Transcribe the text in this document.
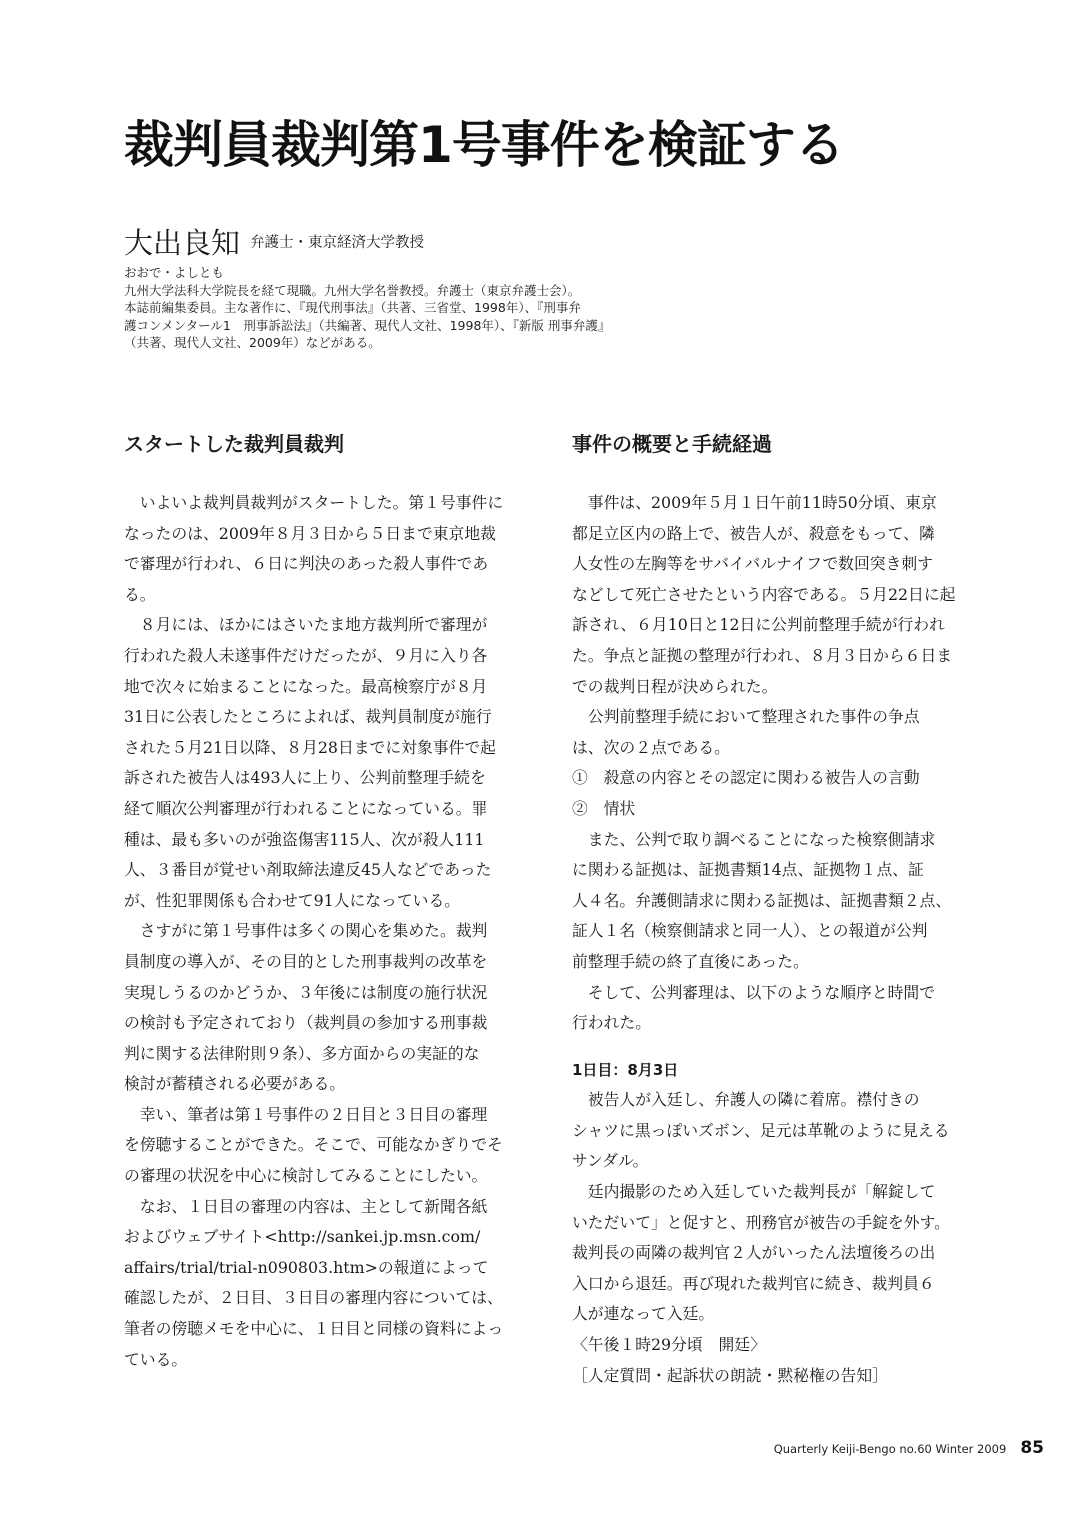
裁判員裁判第1号事件を検証する
大出良知 弁護士・東京経済大学教授
おおで・よしとも
九州大学法科大学院長を経て現職。九州大学名誉教授。弁護士（東京弁護士会）。
本誌前編集委員。主な著作に、『現代刑事法』（共著、三省堂、1998年）、『刑事弁
護コンメンタール1　刑事訴訟法』（共編著、現代人文社、1998年）、『新版 刑事弁護』
（共著、現代人文社、2009年）などがある。
スタートした裁判員裁判
いよいよ裁判員裁判がスタートした。第１号事件に
なったのは、2009年８月３日から５日まで東京地裁
で審理が行われ、６日に判決のあった殺人事件であ
る。
８月には、ほかにはさいたま地方裁判所で審理が
行われた殺人未遂事件だけだったが、９月に入り各
地で次々に始まることになった。最高検察庁が８月
31日に公表したところによれば、裁判員制度が施行
された５月21日以降、８月28日までに対象事件で起
訴された被告人は493人に上り、公判前整理手続を
経て順次公判審理が行われることになっている。罪
種は、最も多いのが強盗傷害115人、次が殺人111
人、３番目が覚せい剤取締法違反45人などであった
が、性犯罪関係も合わせて91人になっている。
さすがに第１号事件は多くの関心を集めた。裁判
員制度の導入が、その目的とした刑事裁判の改革を
実現しうるのかどうか、３年後には制度の施行状況
の検討も予定されており（裁判員の参加する刑事裁
判に関する法律附則９条）、多方面からの実証的な
検討が蓄積される必要がある。
幸い、筆者は第１号事件の２日目と３日目の審理
を傍聴することができた。そこで、可能なかぎりでそ
の審理の状況を中心に検討してみることにしたい。
なお、１日目の審理の内容は、主として新聞各紙
およびウェブサイト<http://sankei.jp.msn.com/
affairs/trial/trial-n090803.htm>の報道によって
確認したが、２日目、３日目の審理内容については、
筆者の傍聴メモを中心に、１日目と同様の資料によっ
ている。
事件の概要と手続経過
事件は、2009年５月１日午前11時50分頃、東京
都足立区内の路上で、被告人が、殺意をもって、隣
人女性の左胸等をサバイバルナイフで数回突き刺す
などして死亡させたという内容である。５月22日に起
訴され、６月10日と12日に公判前整理手続が行われ
た。争点と証拠の整理が行われ、８月３日から６日ま
での裁判日程が決められた。
公判前整理手続において整理された事件の争点
は、次の２点である。
①　殺意の内容とその認定に関わる被告人の言動
②　情状
また、公判で取り調べることになった検察側請求
に関わる証拠は、証拠書類14点、証拠物１点、証
人４名。弁護側請求に関わる証拠は、証拠書類２点、
証人１名（検察側請求と同一人）、との報道が公判
前整理手続の終了直後にあった。
そして、公判審理は、以下のような順序と時間で
行われた。
1日目：8月3日
被告人が入廷し、弁護人の隣に着席。襟付きの
シャツに黒っぽいズボン、足元は革靴のように見える
サンダル。
廷内撮影のため入廷していた裁判長が「解錠して
いただいて」と促すと、刑務官が被告の手錠を外す。
裁判長の両隣の裁判官２人がいったん法壇後ろの出
入口から退廷。再び現れた裁判官に続き、裁判員６
人が連なって入廷。
〈午後１時29分頃　開廷〉
［人定質問・起訴状の朗読・黙秘権の告知］
Quarterly Keiji-Bengo no.60 Winter 2009 85
